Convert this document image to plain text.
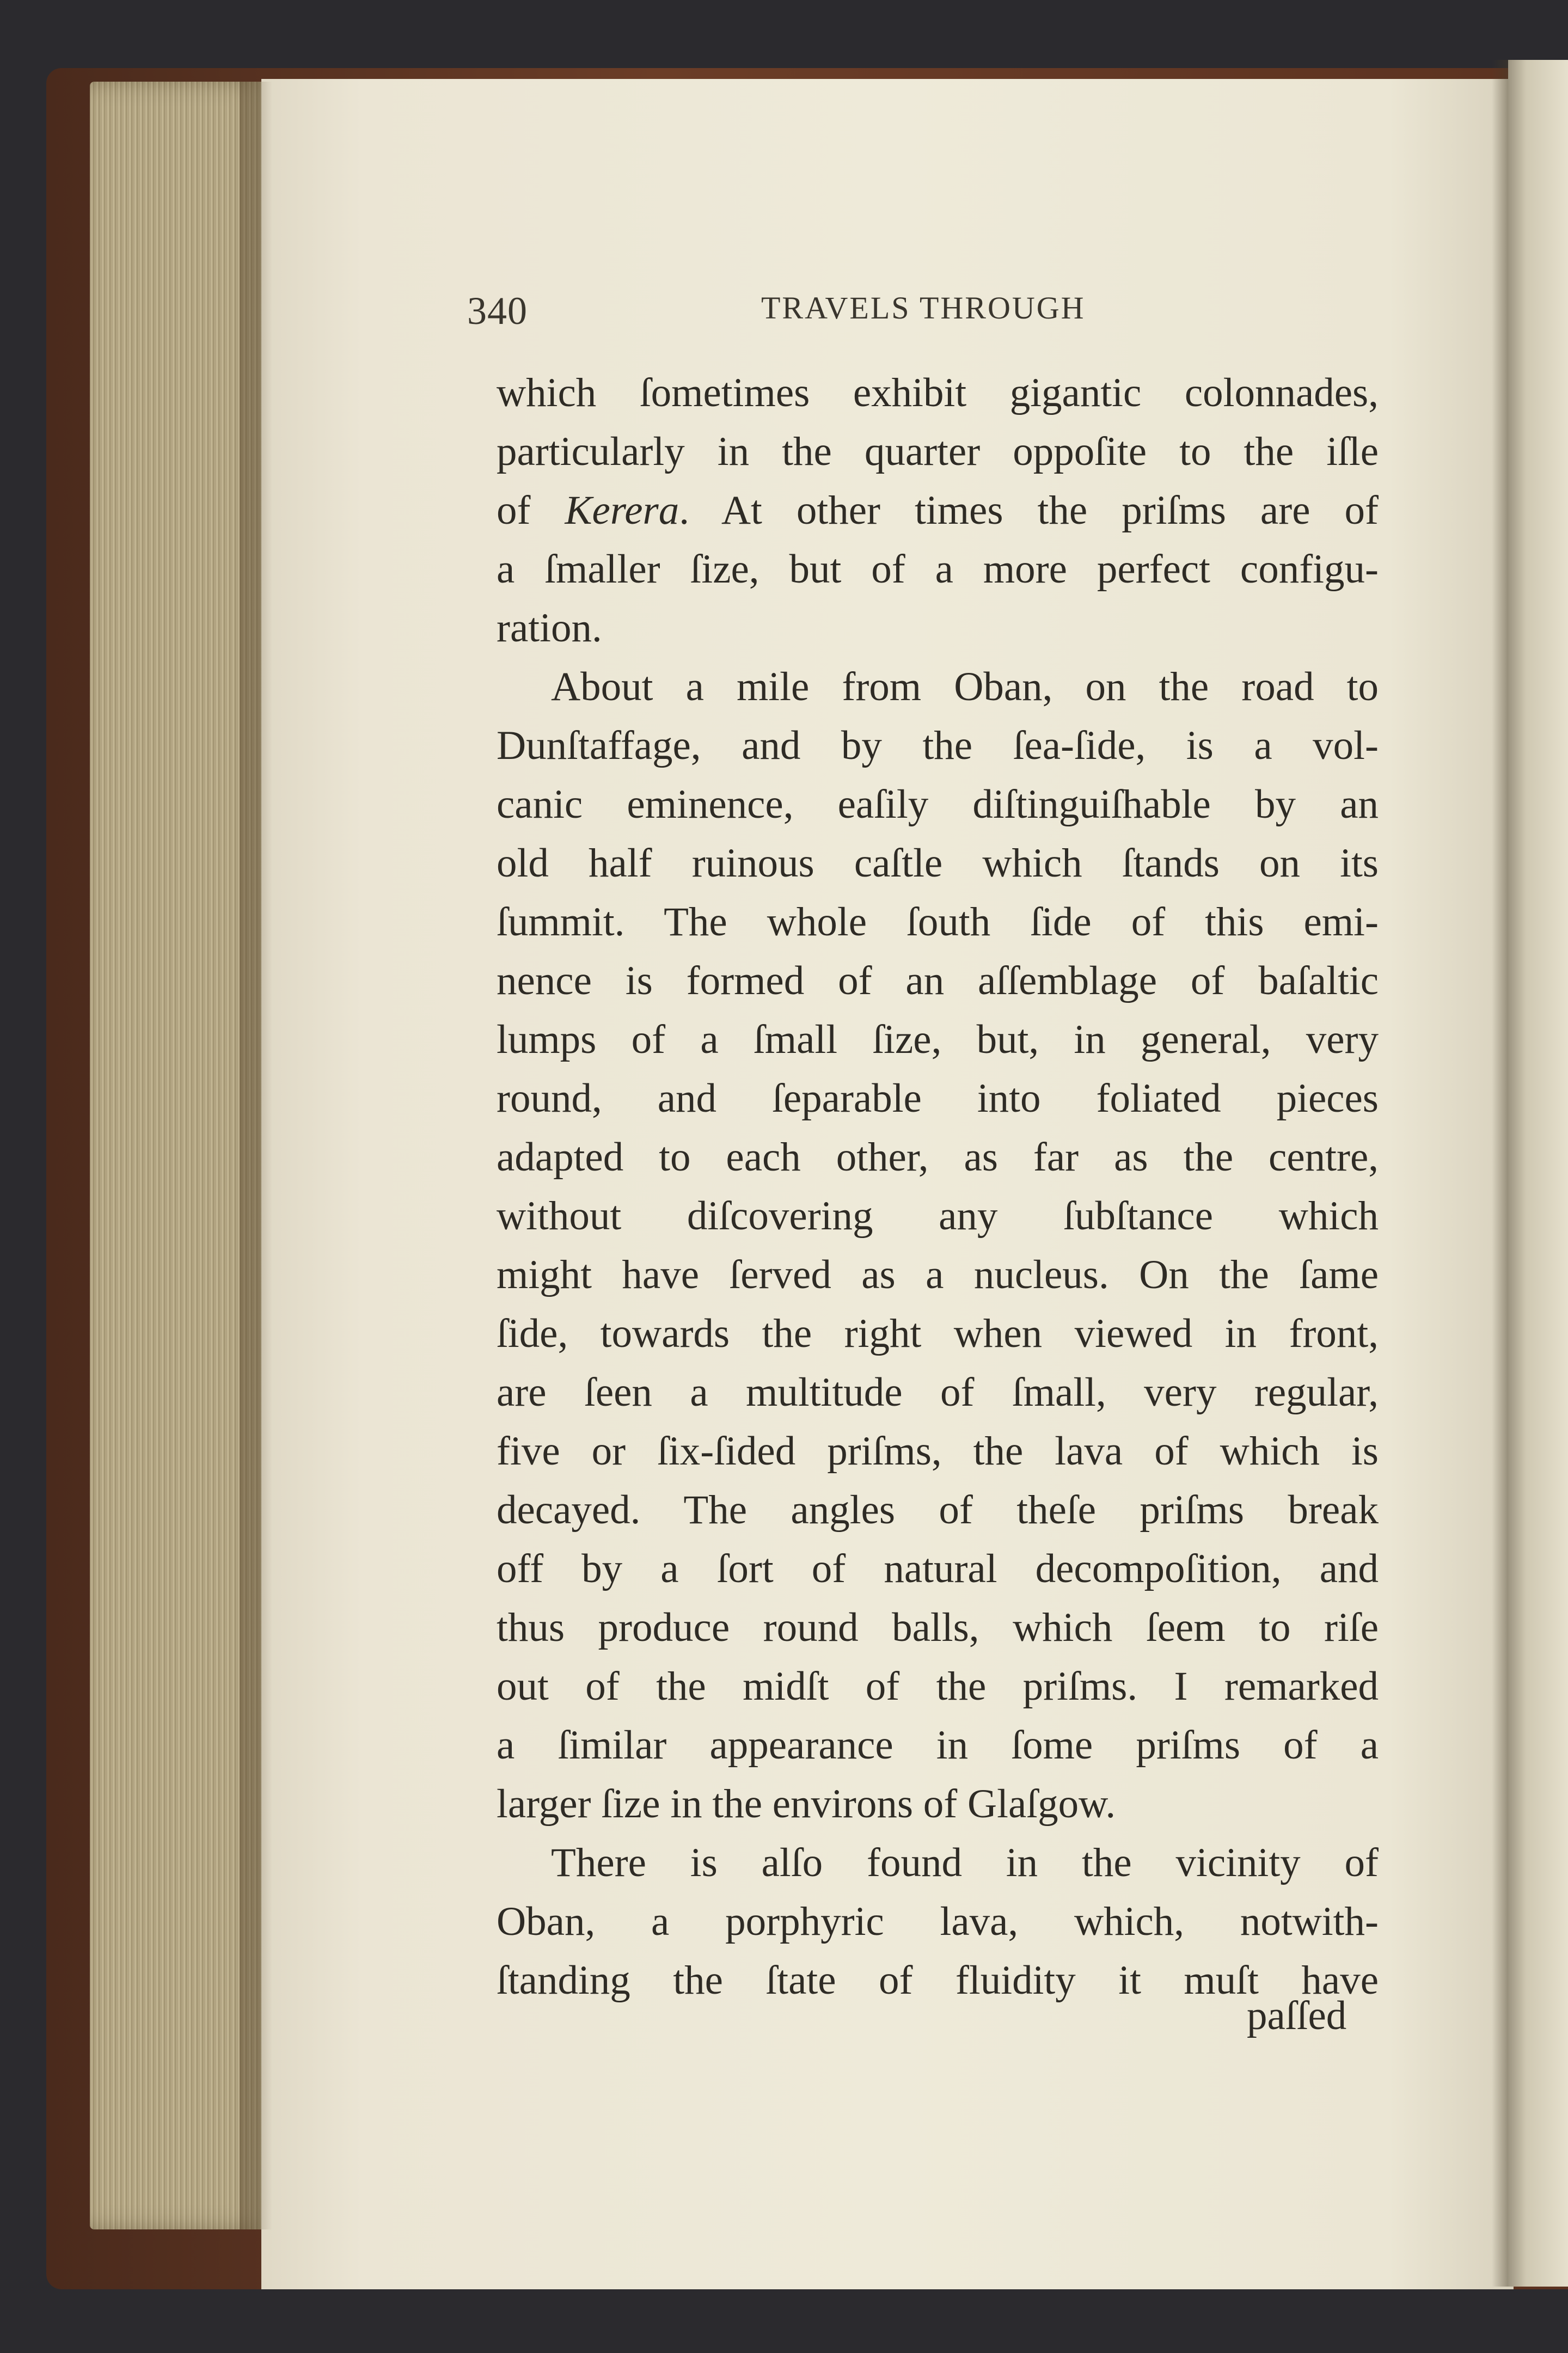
340	TRAVELS THROUGH
which ſometimes exhibit gigantic colonnades,
particularly in the quarter oppoſite to the iſle
of Kerera. At other times the priſms are of
a ſmaller ſize, but of a more perfect configu-
ration.
About a mile from Oban, on the road to
Dunſtaffage, and by the ſea-ſide, is a vol-
canic eminence, eaſily diſtinguiſhable by an
old half ruinous caſtle which ſtands on its
ſummit. The whole ſouth ſide of this emi-
nence is formed of an aſſemblage of baſaltic
lumps of a ſmall ſize, but, in general, very
round, and ſeparable into foliated pieces
adapted to each other, as far as the centre,
without diſcovering any ſubſtance which
might have ſerved as a nucleus. On the ſame
ſide, towards the right when viewed in front,
are ſeen a multitude of ſmall, very regular,
five or ſix-ſided priſms, the lava of which is
decayed. The angles of theſe priſms break
off by a ſort of natural decompoſition, and
thus produce round balls, which ſeem to riſe
out of the midſt of the priſms. I remarked
a ſimilar appearance in ſome priſms of a
larger ſize in the environs of Glaſgow.
There is alſo found in the vicinity of
Oban, a porphyric lava, which, notwith-
ſtanding the ſtate of fluidity it muſt have
paſſed
